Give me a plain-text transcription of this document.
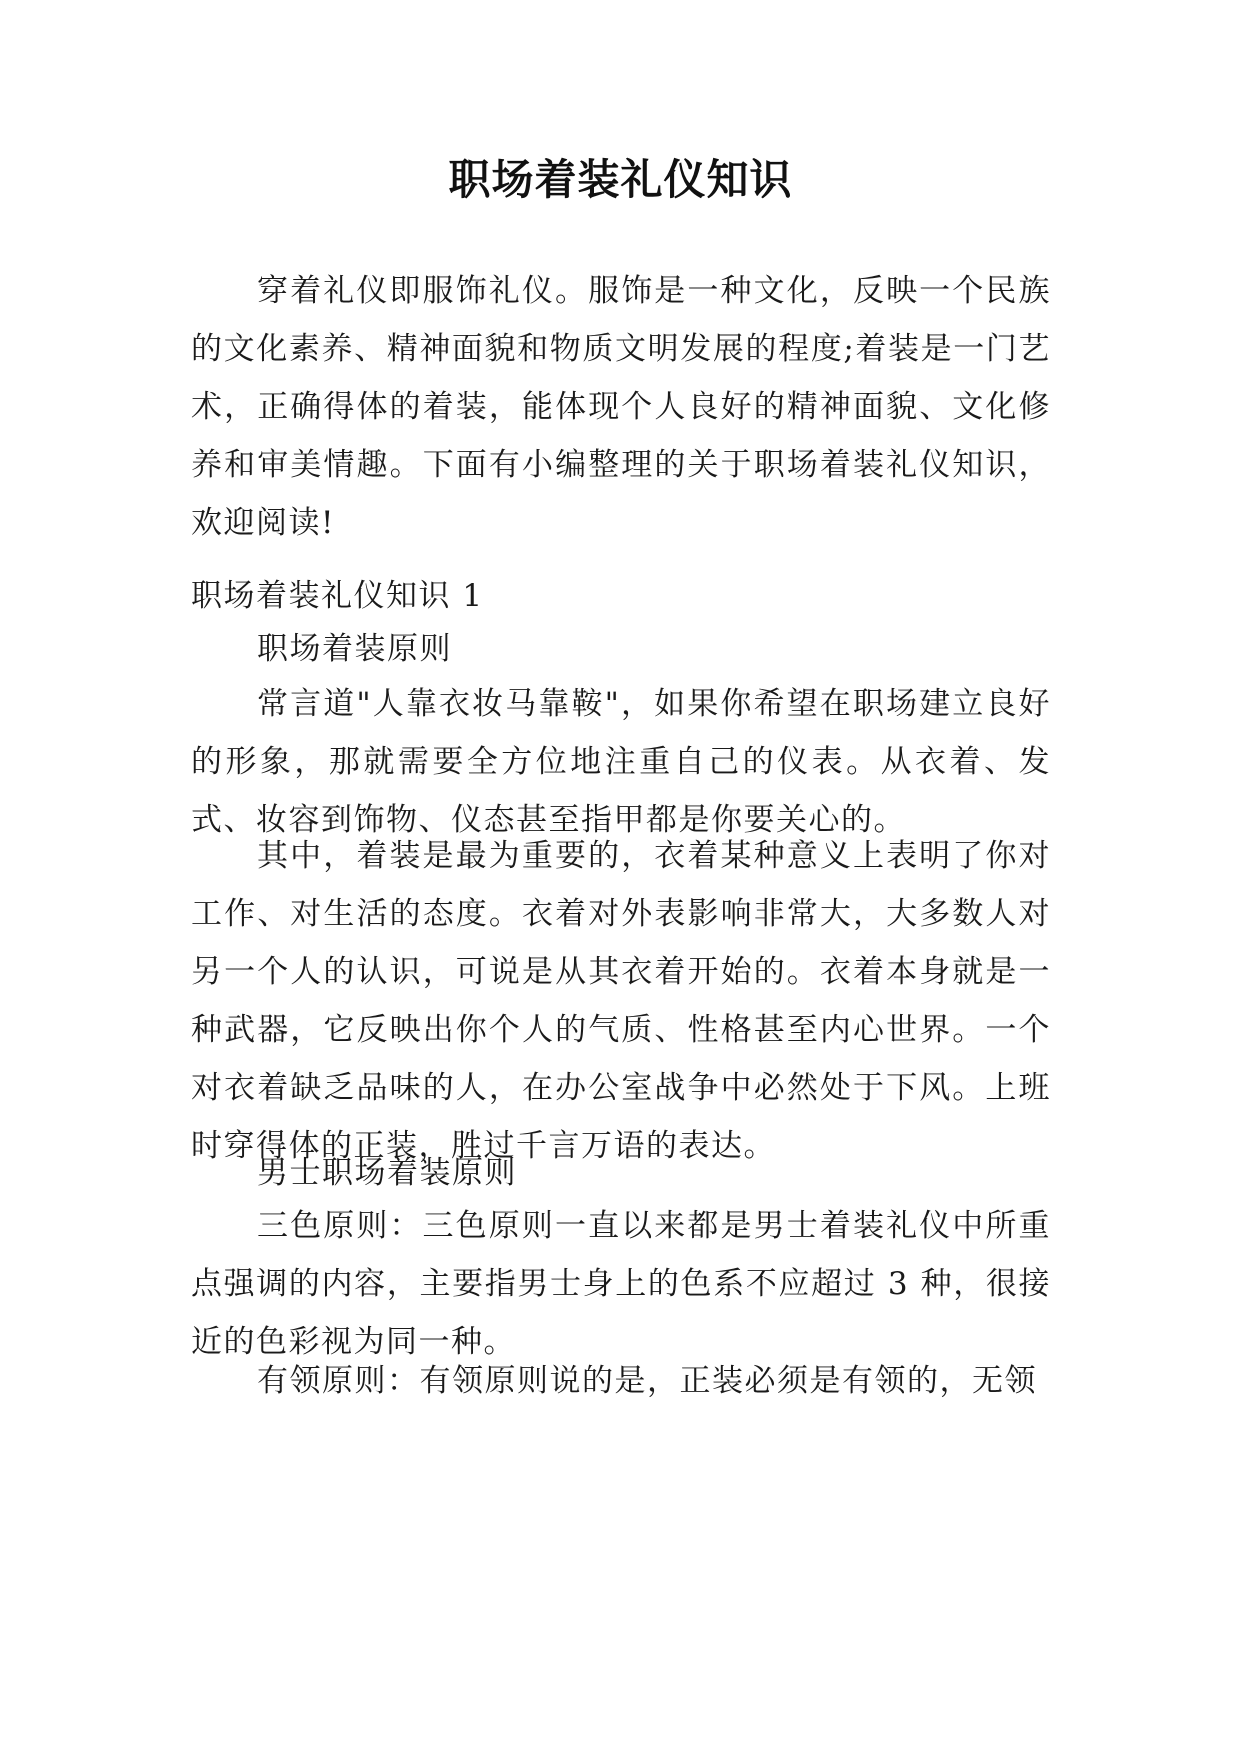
职场着装礼仪知识

穿着礼仪即服饰礼仪。服饰是一种文化，反映一个民族的文化素养、精神面貌和物质文明发展的程度;着装是一门艺术，正确得体的着装，能体现个人良好的精神面貌、文化修养和审美情趣。下面有小编整理的关于职场着装礼仪知识，欢迎阅读!

职场着装礼仪知识 1

职场着装原则

常言道"人靠衣妆马靠鞍"，如果你希望在职场建立良好的形象，那就需要全方位地注重自己的仪表。从衣着、发式、妆容到饰物、仪态甚至指甲都是你要关心的。

其中，着装是最为重要的，衣着某种意义上表明了你对工作、对生活的态度。衣着对外表影响非常大，大多数人对另一个人的认识，可说是从其衣着开始的。衣着本身就是一种武器，它反映出你个人的气质、性格甚至内心世界。一个对衣着缺乏品味的人，在办公室战争中必然处于下风。上班时穿得体的正装，胜过千言万语的表达。

男士职场着装原则

三色原则：三色原则一直以来都是男士着装礼仪中所重点强调的内容，主要指男士身上的色系不应超过 3 种，很接近的色彩视为同一种。

有领原则：有领原则说的是，正装必须是有领的，无领
